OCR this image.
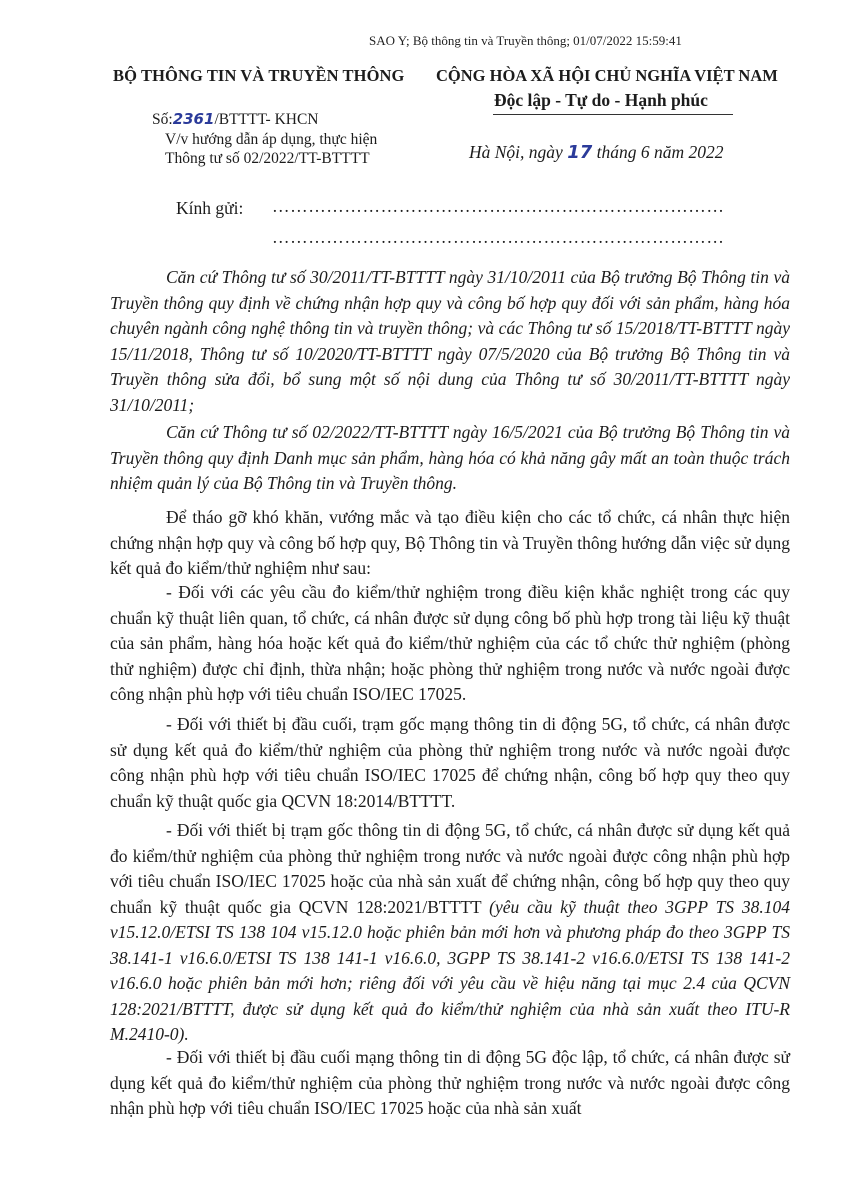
SAO Y; Bộ thông tin và Truyền thông; 01/07/2022 15:59:41
BỘ THÔNG TIN VÀ TRUYỀN THÔNG CỘNG HÒA XÃ HỘI CHỦ NGHĨA VIỆT NAM
Độc lập - Tự do - Hạnh phúc
Số:2361/BTTTT- KHCN
V/v hướng dẫn áp dụng, thực hiện
Thông tư số 02/2022/TT-BTTTT	Hà Nội, ngày 17 tháng 6 năm 2022
Kính gửi: …………………………………………………………………
…………………………………………………………………
Căn cứ Thông tư số 30/2011/TT-BTTTT ngày 31/10/2011 của Bộ trưởng Bộ Thông tin và Truyền thông quy định về chứng nhận hợp quy và công bố hợp quy đối với sản phẩm, hàng hóa chuyên ngành công nghệ thông tin và truyền thông; và các Thông tư số 15/2018/TT-BTTTT ngày 15/11/2018, Thông tư số 10/2020/TT-BTTTT ngày 07/5/2020 của Bộ trưởng Bộ Thông tin và Truyền thông sửa đổi, bổ sung một số nội dung của Thông tư số 30/2011/TT-BTTTT ngày 31/10/2011;
Căn cứ Thông tư số 02/2022/TT-BTTTT ngày 16/5/2021 của Bộ trưởng Bộ Thông tin và Truyền thông quy định Danh mục sản phẩm, hàng hóa có khả năng gây mất an toàn thuộc trách nhiệm quản lý của Bộ Thông tin và Truyền thông.
Để tháo gỡ khó khăn, vướng mắc và tạo điều kiện cho các tổ chức, cá nhân thực hiện chứng nhận hợp quy và công bố hợp quy, Bộ Thông tin và Truyền thông hướng dẫn việc sử dụng kết quả đo kiểm/thử nghiệm như sau:
- Đối với các yêu cầu đo kiểm/thử nghiệm trong điều kiện khắc nghiệt trong các quy chuẩn kỹ thuật liên quan, tổ chức, cá nhân được sử dụng công bố phù hợp trong tài liệu kỹ thuật của sản phẩm, hàng hóa hoặc kết quả đo kiểm/thử nghiệm của các tổ chức thử nghiệm (phòng thử nghiệm) được chỉ định, thừa nhận; hoặc phòng thử nghiệm trong nước và nước ngoài được công nhận phù hợp với tiêu chuẩn ISO/IEC 17025.
- Đối với thiết bị đầu cuối, trạm gốc mạng thông tin di động 5G, tổ chức, cá nhân được sử dụng kết quả đo kiểm/thử nghiệm của phòng thử nghiệm trong nước và nước ngoài được công nhận phù hợp với tiêu chuẩn ISO/IEC 17025 để chứng nhận, công bố hợp quy theo quy chuẩn kỹ thuật quốc gia QCVN 18:2014/BTTTT.
- Đối với thiết bị trạm gốc thông tin di động 5G, tổ chức, cá nhân được sử dụng kết quả đo kiểm/thử nghiệm của phòng thử nghiệm trong nước và nước ngoài được công nhận phù hợp với tiêu chuẩn ISO/IEC 17025 hoặc của nhà sản xuất để chứng nhận, công bố hợp quy theo quy chuẩn kỹ thuật quốc gia QCVN 128:2021/BTTTT (yêu cầu kỹ thuật theo 3GPP TS 38.104 v15.12.0/ETSI TS 138 104 v15.12.0 hoặc phiên bản mới hơn và phương pháp đo theo 3GPP TS 38.141-1 v16.6.0/ETSI TS 138 141-1 v16.6.0, 3GPP TS 38.141-2 v16.6.0/ETSI TS 138 141-2 v16.6.0 hoặc phiên bản mới hơn; riêng đối với yêu cầu về hiệu năng tại mục 2.4 của QCVN 128:2021/BTTTT, được sử dụng kết quả đo kiểm/thử nghiệm của nhà sản xuất theo ITU-R M.2410-0).
- Đối với thiết bị đầu cuối mạng thông tin di động 5G độc lập, tổ chức, cá nhân được sử dụng kết quả đo kiểm/thử nghiệm của phòng thử nghiệm trong nước và nước ngoài được công nhận phù hợp với tiêu chuẩn ISO/IEC 17025 hoặc của nhà sản xuất
